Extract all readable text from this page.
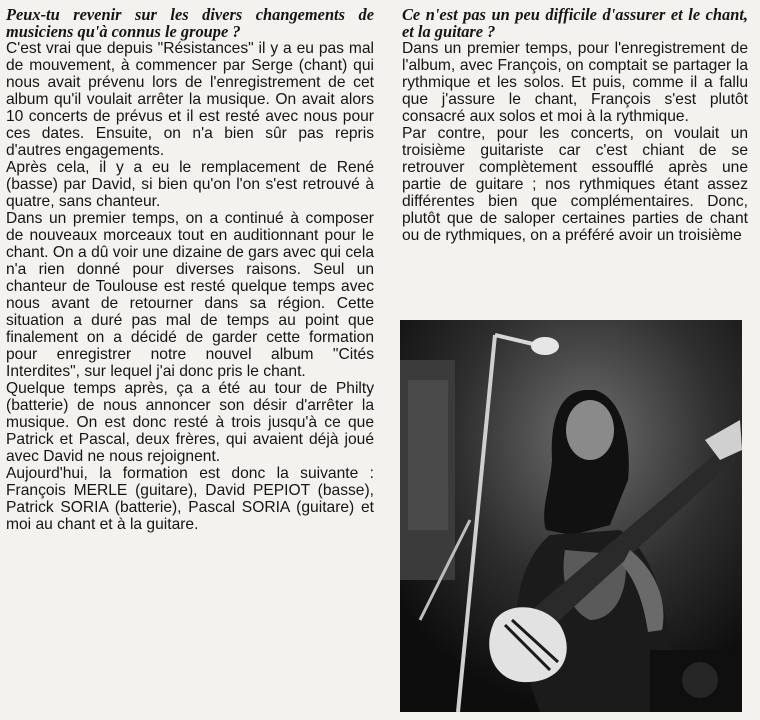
Peux-tu revenir sur les divers changements de musiciens qu'à connus le groupe ?

C'est vrai que depuis "Résistances" il y a eu pas mal de mouvement, à commencer par Serge (chant) qui nous avait prévenu lors de l'enregistrement de cet album qu'il voulait arrêter la musique. On avait alors 10 concerts de prévus et il est resté avec nous pour ces dates. Ensuite, on n'a bien sûr pas repris d'autres engagements.

Après cela, il y a eu le remplacement de René (basse) par David, si bien qu'on l'on s'est retrouvé à quatre, sans chanteur.

Dans un premier temps, on a continué à composer de nouveaux morceaux tout en auditionnant pour le chant. On a dû voir une dizaine de gars avec qui cela n'a rien donné pour diverses raisons. Seul un chanteur de Toulouse est resté quelque temps avec nous avant de retourner dans sa région. Cette situation a duré pas mal de temps au point que finalement on a décidé de garder cette formation pour enregistrer notre nouvel album "Cités Interdites", sur lequel j'ai donc pris le chant.

Quelque temps après, ça a été au tour de Philty (batterie) de nous annoncer son désir d'arrêter la musique. On est donc resté à trois jusqu'à ce que Patrick et Pascal, deux frères, qui avaient déjà joué avec David ne nous rejoignent.

Aujourd'hui, la formation est donc la suivante : François MERLE (guitare), David PEPIOT (basse), Patrick SORIA (batterie), Pascal SORIA (guitare) et moi au chant et à la guitare.

Ce n'est pas un peu difficile d'assurer et le chant, et la guitare ?

Dans un premier temps, pour l'enregistrement de l'album, avec François, on comptait se partager la rythmique et les solos. Et puis, comme il a fallu que j'assure le chant, François s'est plutôt consacré aux solos et moi à la rythmique.

Par contre, pour les concerts, on voulait un troisième guitariste car c'est chiant de se retrouver complètement essoufflé après une partie de guitare ; nos rythmiques étant assez différentes bien que complémentaires. Donc, plutôt que de saloper certaines parties de chant ou de rythmiques, on a préféré avoir un troisième
